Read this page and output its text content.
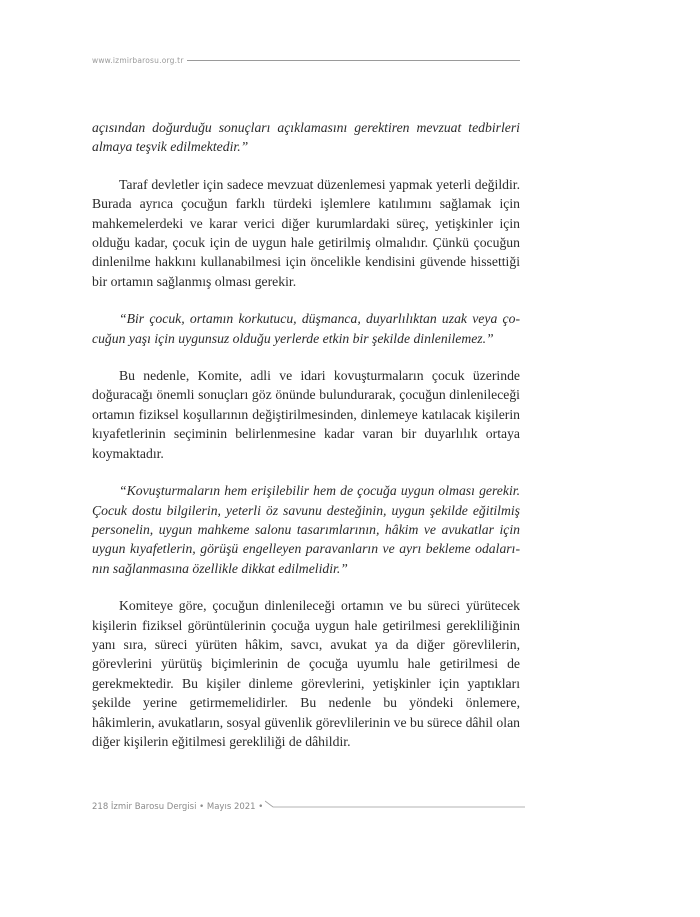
www.izmirbarosu.org.tr

açısından doğurduğu sonuçları açıklamasını gerektiren mevzuat tedbirleri almaya teşvik edilmektedir.”

Taraf devletler için sadece mevzuat düzenlemesi yapmak yeterli değildir. Burada ayrıca çocuğun farklı türdeki işlemlere katılımını sağlamak için mahkemelerdeki ve karar verici diğer kurumlardaki süreç, yetişkinler için olduğu kadar, çocuk için de uygun hale getirilmiş olmalıdır. Çünkü çocuğun dinlenilme hakkını kullanabilmesi için öncelikle kendisini güvende hissettiği bir ortamın sağlanmış olması gerekir.

“Bir çocuk, ortamın korkutucu, düşmanca, duyarlılıktan uzak veya çocuğun yaşı için uygunsuz olduğu yerlerde etkin bir şekilde dinlenilemez.”

Bu nedenle, Komite, adli ve idari kovuşturmaların çocuk üzerinde doğuracağı önemli sonuçları göz önünde bulundurarak, çocuğun dinlenileceği ortamın fiziksel koşullarının değiştirilmesinden, dinlemeye katılacak kişilerin kıyafetlerinin seçiminin belirlenmesine kadar varan bir duyarlılık ortaya koymaktadır.

“Kovuşturmaların hem erişilebilir hem de çocuğa uygun olması gerekir. Çocuk dostu bilgilerin, yeterli öz savunu desteğinin, uygun şekilde eğitilmiş personelin, uygun mahkeme salonu tasarımlarının, hâkim ve avukatlar için uygun kıyafetlerin, görüşü engelleyen paravanların ve ayrı bekleme odalarının sağlanmasına özellikle dikkat edilmelidir.”

Komiteye göre, çocuğun dinlenileceği ortamın ve bu süreci yürütecek kişilerin fiziksel görüntülerinin çocuğa uygun hale getirilmesi gerekliliğinin yanı sıra, süreci yürüten hâkim, savcı, avukat ya da diğer görevlilerin, görevlerini yürütüş biçimlerinin de çocuğa uyumlu hale getirilmesi de gerekmektedir. Bu kişiler dinleme görevlerini, yetişkinler için yaptıkları şekilde yerine getirmemelidirler. Bu nedenle bu yöndeki önlemere, hâkimlerin, avukatların, sosyal güvenlik görevlilerinin ve bu sürece dâhil olan diğer kişilerin eğitilmesi gerekliliği de dâhildir.

218 İzmir Barosu Dergisi • Mayıs 2021 •
